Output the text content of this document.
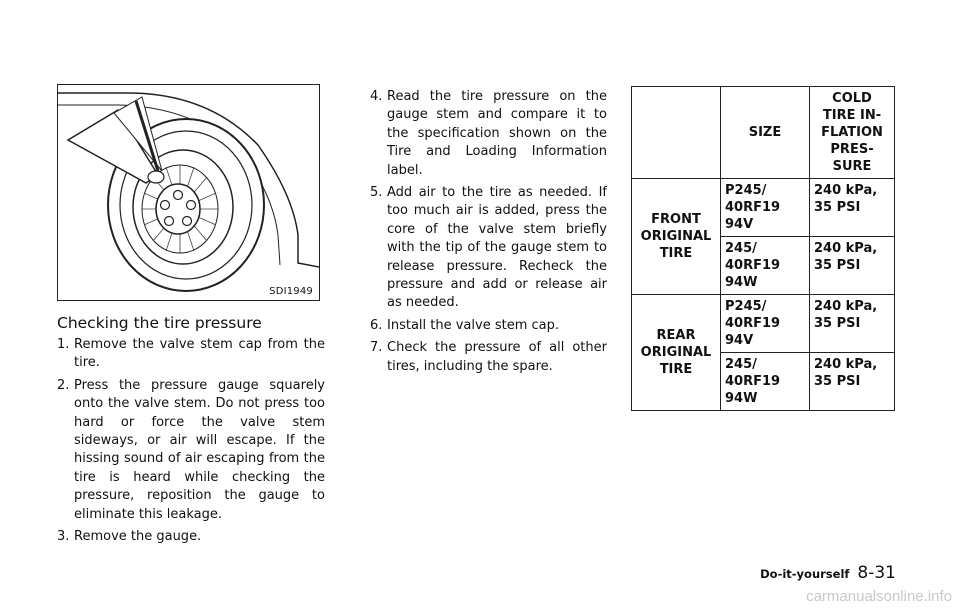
SDI1949
Checking the tire pressure
1. Remove the valve stem cap from the tire.
2. Press the pressure gauge squarely onto the valve stem. Do not press too hard or force the valve stem sideways, or air will escape. If the hissing sound of air escaping from the tire is heard while checking the pressure, reposition the gauge to eliminate this leakage.
3. Remove the gauge.
4. Read the tire pressure on the gauge stem and compare it to the specification shown on the Tire and Loading Information label.
5. Add air to the tire as needed. If too much air is added, press the core of the valve stem briefly with the tip of the gauge stem to release pressure. Recheck the pressure and add or release air as needed.
6. Install the valve stem cap.
7. Check the pressure of all other tires, including the spare.
	SIZE	COLD TIRE IN-FLATION PRES-SURE
FRONT ORIGINAL TIRE	P245/ 40RF19 94V	240 kPa, 35 PSI
	245/ 40RF19 94W	240 kPa, 35 PSI
REAR ORIGINAL TIRE	P245/ 40RF19 94V	240 kPa, 35 PSI
	245/ 40RF19 94W	240 kPa, 35 PSI
Do-it-yourself 8-31
carmanualsonline.info
